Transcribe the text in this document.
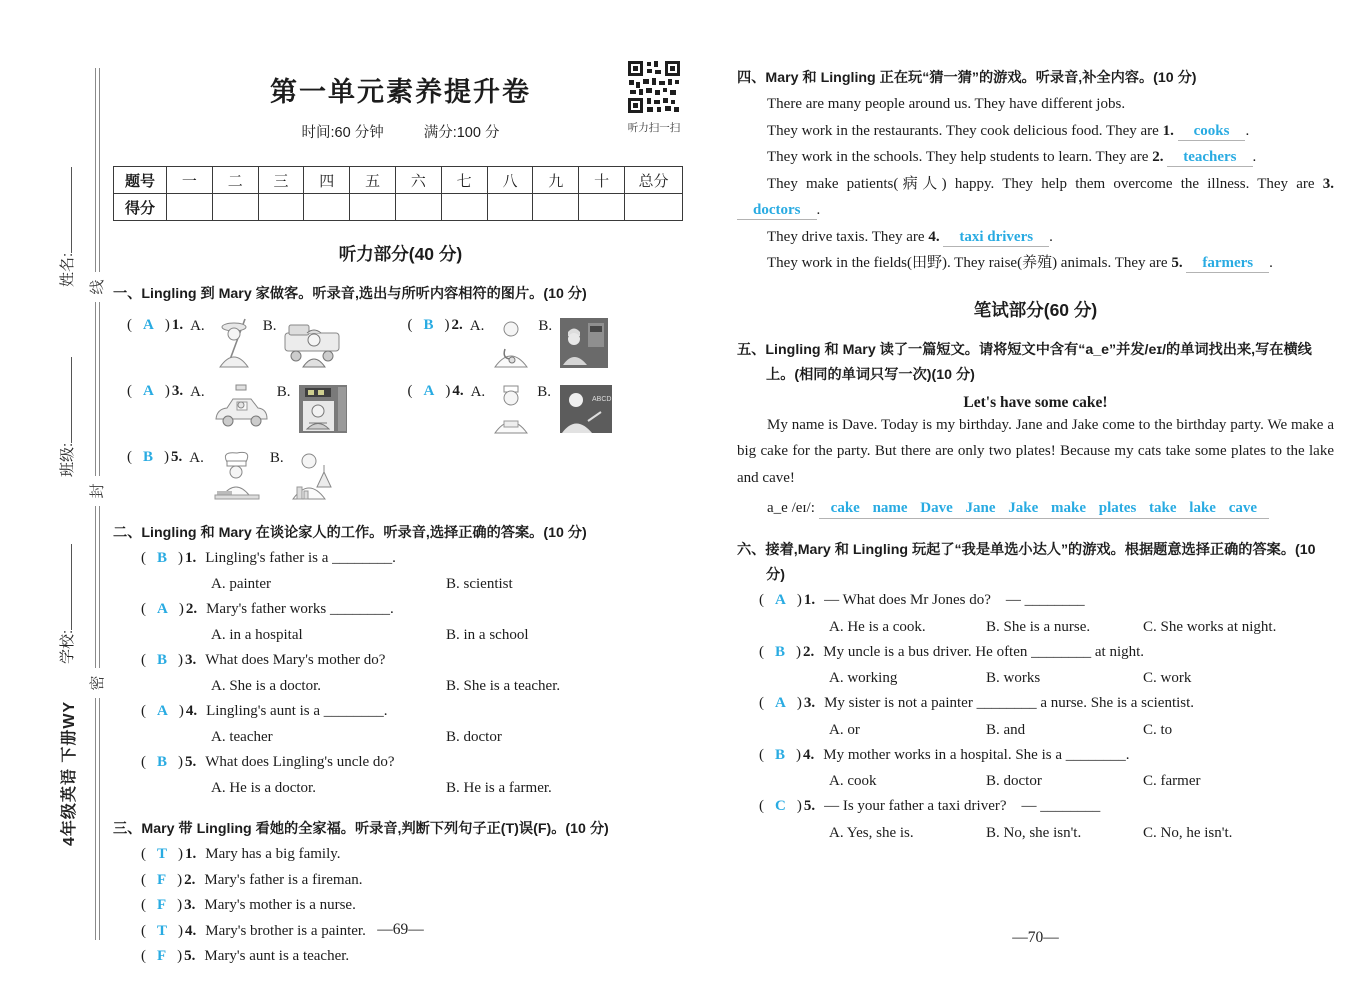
线
封
密
姓名:
班级:
学校:
4年级英语 下册WY
听力扫一扫
第一单元素养提升卷
时间:60 分钟	满分:100 分
题号	一	二	三	四	五	六	七	八	九	十	总分
得分											
听力部分(40 分)
一、Lingling 到 Mary 家做客。听录音,选出与所听内容相符的图片。(10 分)
( A ) 1. A.	B.	( B ) 2. A.	B.
( A ) 3. A.	B.	( A ) 4. A.	B.	ABCD
( B ) 5. A.	B.
二、Lingling 和 Mary 在谈论家人的工作。听录音,选择正确的答案。(10 分)
( B ) 1. Lingling's father is a ________.
A. painter	B. scientist
( A ) 2. Mary's father works ________.
A. in a hospital	B. in a school
( B ) 3. What does Mary's mother do?
A. She is a doctor.	B. She is a teacher.
( A ) 4. Lingling's aunt is a ________.
A. teacher	B. doctor
( B ) 5. What does Lingling's uncle do?
A. He is a doctor.	B. He is a farmer.
三、Mary 带 Lingling 看她的全家福。听录音,判断下列句子正(T)误(F)。(10 分)
( T ) 1. Mary has a big family.
( F ) 2. Mary's father is a fireman.
( F ) 3. Mary's mother is a nurse.
( T ) 4. Mary's brother is a painter.
( F ) 5. Mary's aunt is a teacher.
—69—
四、Mary 和 Lingling 正在玩“猜一猜”的游戏。听录音,补全内容。(10 分)

There are many people around us. They have different jobs.

They work in the restaurants. They cook delicious food. They are 1. cooks .

They work in the schools. They help students to learn. They are 2. teachers .

They make patients(病人) happy. They help them overcome the illness. They are 3. doctors .

They drive taxis. They are 4. taxi drivers .

They work in the fields(田野). They raise(养殖) animals. They are 5. farmers .

笔试部分(60 分)
五、Lingling 和 Mary 读了一篇短文。请将短文中含有“a_e”并发/eɪ/的单词找出来,写在横线上。(相同的单词只写一次)(10 分)
Let's have some cake!

My name is Dave. Today is my birthday. Jane and Jake come to the birthday party. We make a big cake for the party. But there are only two plates! Because my cats take some plates to the lake and cave!

a_e /eɪ/: cake name Dave Jane Jake make plates take lake cave
六、接着,Mary 和 Lingling 玩起了“我是单选小达人”的游戏。根据题意选择正确的答案。(10 分)
( A ) 1. — What does Mr Jones do?　— ________
A. He is a cook.	B. She is a nurse.	C. She works at night.
( B ) 2. My uncle is a bus driver. He often ________ at night.
A. working	B. works	C. work
( A ) 3. My sister is not a painter ________ a nurse. She is a scientist.
A. or	B. and	C. to
( B ) 4. My mother works in a hospital. She is a ________.
A. cook	B. doctor	C. farmer
( C ) 5. — Is your father a taxi driver?　— ________
A. Yes, she is.	B. No, she isn't.	C. No, he isn't.
—70—
